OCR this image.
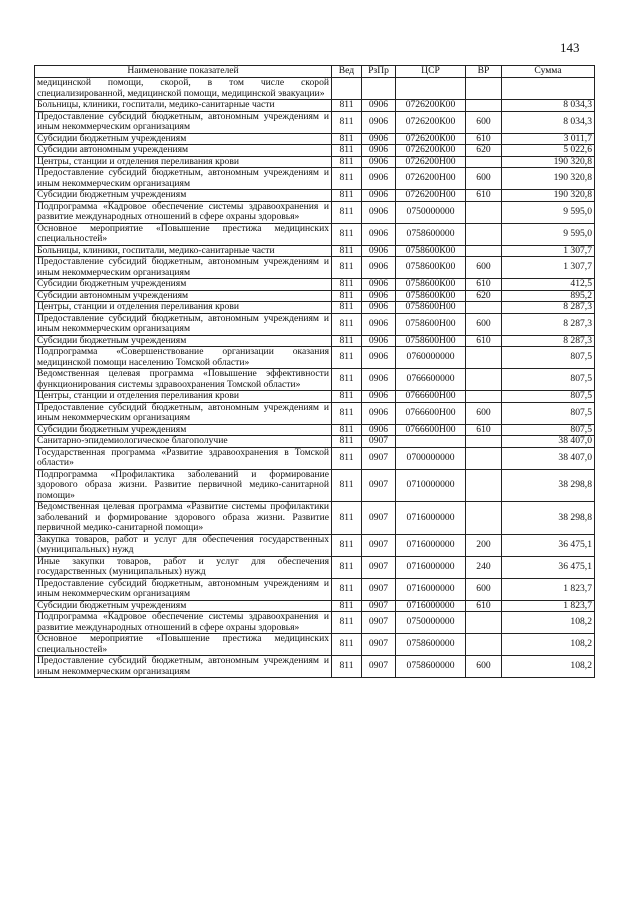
143
Наименование показателей	Вед	РзПр	ЦСР	ВР	Сумма
медицинской помощи, скорой, в том числе скорой специализированной, медицинской помощи, медицинской эвакуации»					
Больницы, клиники, госпитали, медико-санитарные части	811	0906	0726200К00		8 034,3
Предоставление субсидий бюджетным, автономным учреждениям и иным некоммерческим организациям	811	0906	0726200К00	600	8 034,3
Субсидии бюджетным учреждениям	811	0906	0726200К00	610	3 011,7
Субсидии автономным учреждениям	811	0906	0726200К00	620	5 022,6
Центры, станции и отделения переливания крови	811	0906	0726200Н00		190 320,8
Предоставление субсидий бюджетным, автономным учреждениям и иным некоммерческим организациям	811	0906	0726200Н00	600	190 320,8
Субсидии бюджетным учреждениям	811	0906	0726200Н00	610	190 320,8
Подпрограмма «Кадровое обеспечение системы здравоохранения и развитие международных отношений в сфере охраны здоровья»	811	0906	0750000000		9 595,0
Основное мероприятие «Повышение престижа медицинских специальностей»	811	0906	0758600000		9 595,0
Больницы, клиники, госпитали, медико-санитарные части	811	0906	0758600К00		1 307,7
Предоставление субсидий бюджетным, автономным учреждениям и иным некоммерческим организациям	811	0906	0758600К00	600	1 307,7
Субсидии бюджетным учреждениям	811	0906	0758600К00	610	412,5
Субсидии автономным учреждениям	811	0906	0758600К00	620	895,2
Центры, станции и отделения переливания крови	811	0906	0758600Н00		8 287,3
Предоставление субсидий бюджетным, автономным учреждениям и иным некоммерческим организациям	811	0906	0758600Н00	600	8 287,3
Субсидии бюджетным учреждениям	811	0906	0758600Н00	610	8 287,3
Подпрограмма «Совершенствование организации оказания медицинской помощи населению Томской области»	811	0906	0760000000		807,5
Ведомственная целевая программа «Повышение эффективности функционирования системы здравоохранения Томской области»	811	0906	0766600000		807,5
Центры, станции и отделения переливания крови	811	0906	0766600Н00		807,5
Предоставление субсидий бюджетным, автономным учреждениям и иным некоммерческим организациям	811	0906	0766600Н00	600	807,5
Субсидии бюджетным учреждениям	811	0906	0766600Н00	610	807,5
Санитарно-эпидемиологическое благополучие	811	0907			38 407,0
Государственная программа «Развитие здравоохранения в Томской области»	811	0907	0700000000		38 407,0
Подпрограмма «Профилактика заболеваний и формирование здорового образа жизни. Развитие первичной медико-санитарной помощи»	811	0907	0710000000		38 298,8
Ведомственная целевая программа «Развитие системы профилактики заболеваний и формирование здорового образа жизни. Развитие первичной медико-санитарной помощи»	811	0907	0716000000		38 298,8
Закупка товаров, работ и услуг для обеспечения государственных (муниципальных) нужд	811	0907	0716000000	200	36 475,1
Иные закупки товаров, работ и услуг для обеспечения государственных (муниципальных) нужд	811	0907	0716000000	240	36 475,1
Предоставление субсидий бюджетным, автономным учреждениям и иным некоммерческим организациям	811	0907	0716000000	600	1 823,7
Субсидии бюджетным учреждениям	811	0907	0716000000	610	1 823,7
Подпрограмма «Кадровое обеспечение системы здравоохранения и развитие международных отношений в сфере охраны здоровья»	811	0907	0750000000		108,2
Основное мероприятие «Повышение престижа медицинских специальностей»	811	0907	0758600000		108,2
Предоставление субсидий бюджетным, автономным учреждениям и иным некоммерческим организациям	811	0907	0758600000	600	108,2
